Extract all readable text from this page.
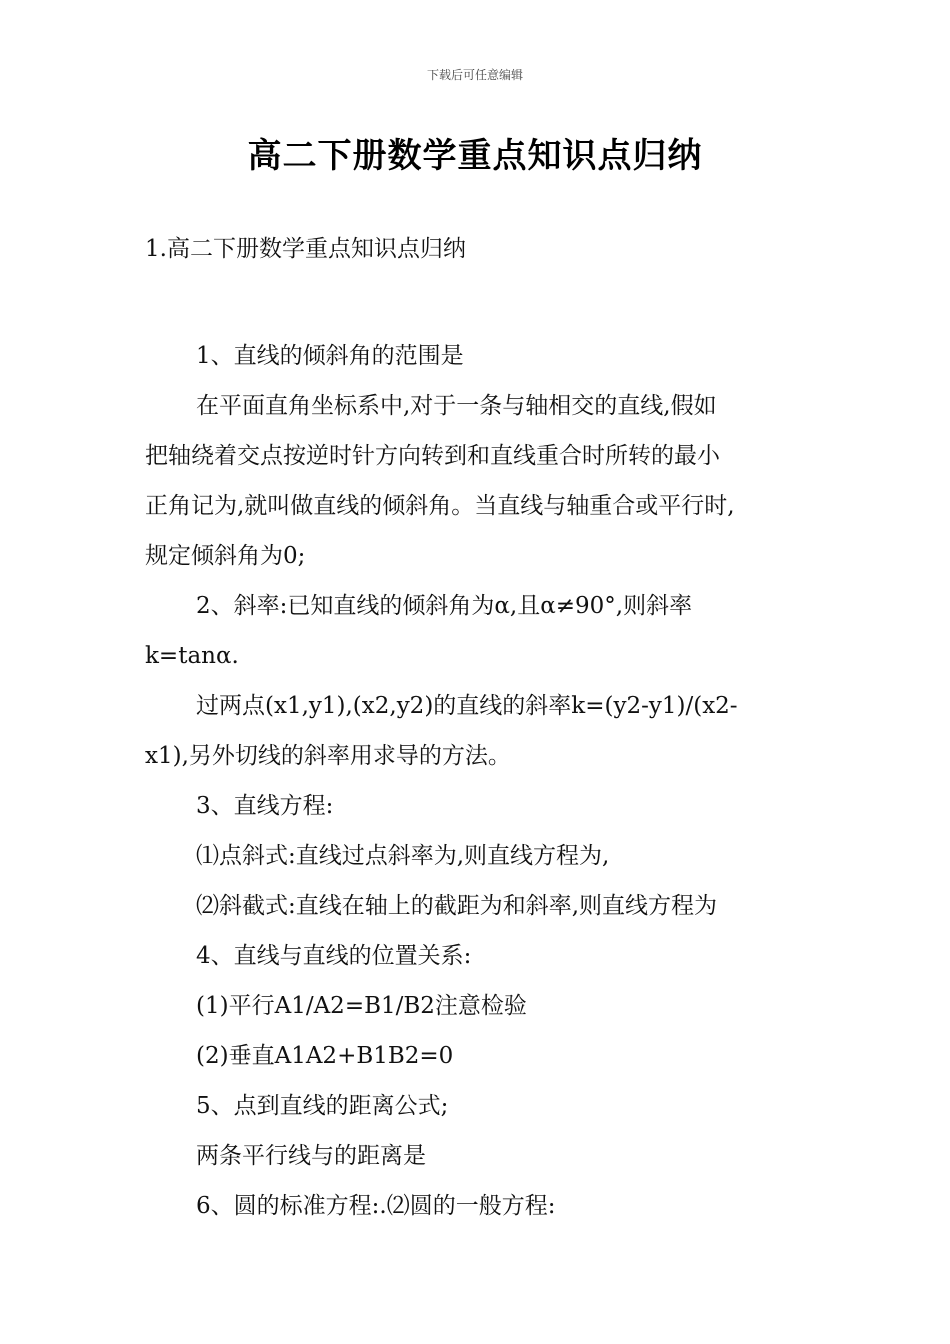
下载后可任意编辑
高二下册数学重点知识点归纳
1.高二下册数学重点知识点归纳
1、直线的倾斜角的范围是
在平面直角坐标系中,对于一条与轴相交的直线,假如
把轴绕着交点按逆时针方向转到和直线重合时所转的最小
正角记为,就叫做直线的倾斜角。当直线与轴重合或平行时,
规定倾斜角为0;
2、斜率:已知直线的倾斜角为α,且α≠90°,则斜率
k=tanα.
过两点(x1,y1),(x2,y2)的直线的斜率k=(y2-y1)/(x2-
x1),另外切线的斜率用求导的方法。
3、直线方程:
⑴点斜式:直线过点斜率为,则直线方程为,
⑵斜截式:直线在轴上的截距为和斜率,则直线方程为
4、直线与直线的位置关系:
(1)平行A1/A2=B1/B2注意检验
(2)垂直A1A2+B1B2=0
5、点到直线的距离公式;
两条平行线与的距离是
6、圆的标准方程:.⑵圆的一般方程:
